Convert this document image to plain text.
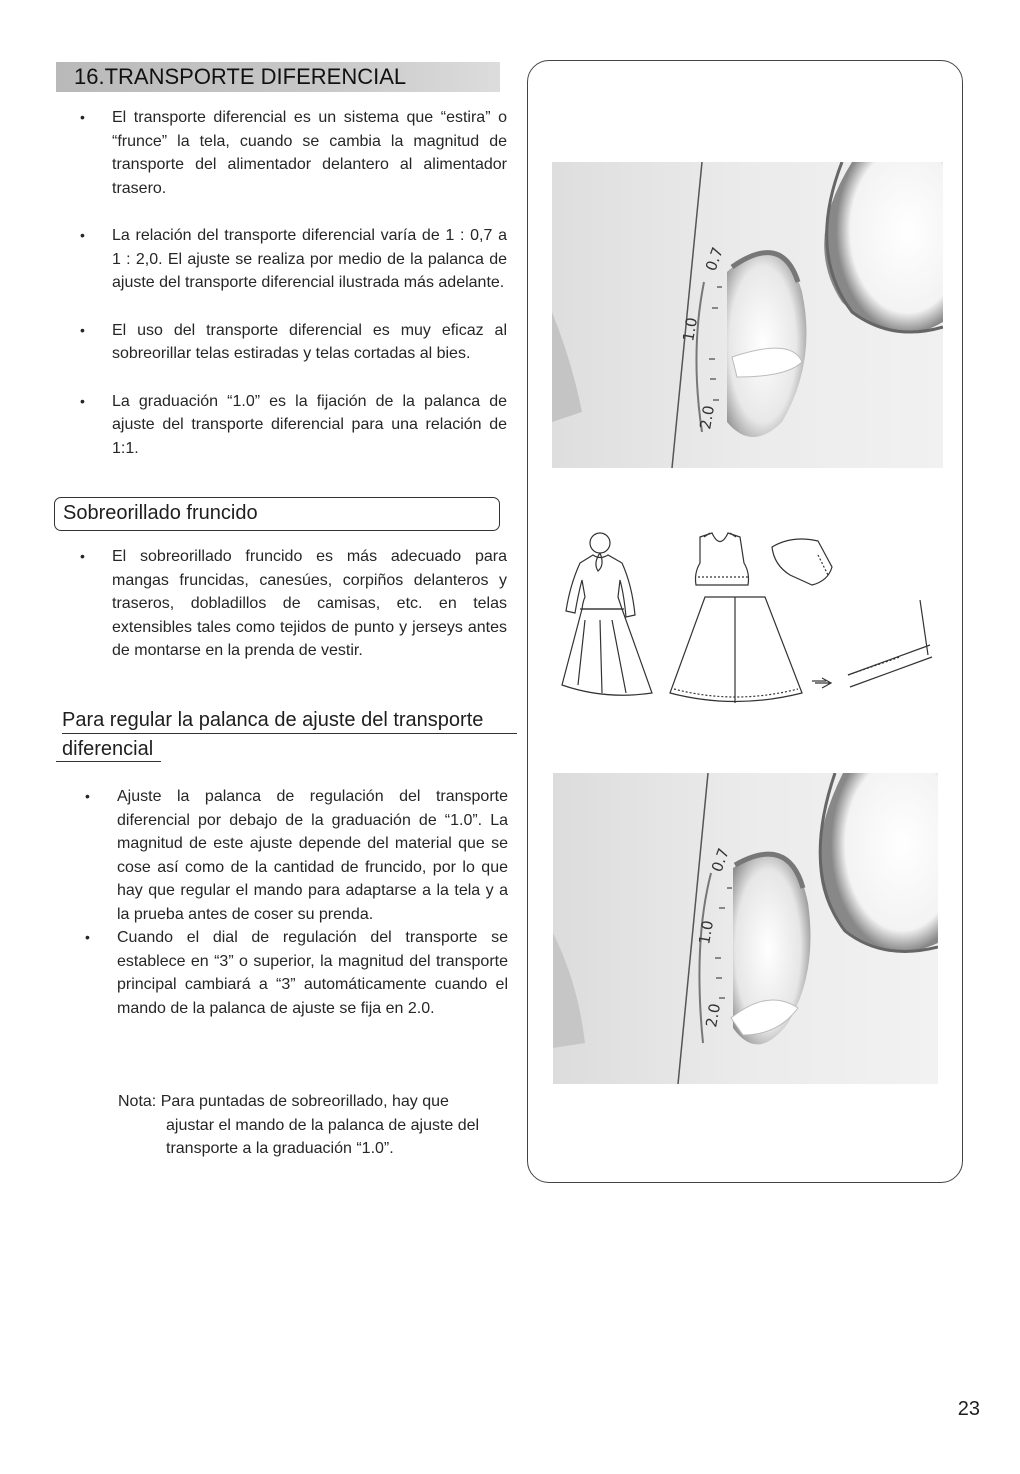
16.TRANSPORTE DIFERENCIAL
• El transporte diferencial es un sistema que “estira” o “frunce” la tela, cuando se cambia la magnitud de transporte del alimentador delantero al alimentador trasero.
• La relación del transporte diferencial varía de 1 : 0,7 a 1 : 2,0. El ajuste se realiza por medio de la palanca de ajuste del transporte diferencial ilustrada más adelante.
• El uso del transporte diferencial es muy eficaz al sobreorillar telas estiradas y telas cortadas al bies.
• La graduación “1.0” es la fijación de la palanca de ajuste del transporte diferencial para una relación de 1:1.
Sobreorillado fruncido
• El sobreorillado fruncido es más adecuado para mangas fruncidas, canesúes, corpiños delanteros y traseros, dobladillos de camisas, etc. en telas extensibles tales como tejidos de punto y jerseys antes de montarse en la prenda de vestir.
Para regular la palanca de ajuste del transporte
diferencial
• Ajuste la palanca de regulación del transporte diferencial por debajo de la graduación de “1.0”. La magnitud de este ajuste depende del material que se cose así como de la cantidad de fruncido, por lo que hay que regular el mando para adaptarse a la tela y a la prueba antes de coser su prenda.
• Cuando el dial de regulación del transporte se establece en “3” o superior, la magnitud del transporte principal cambiará a “3” automáticamente cuando el mando de la palanca de ajuste se fija en 2.0.
Nota: Para puntadas de sobreorillado, hay que
ajustar el mando de la palanca de ajuste del transporte a la graduación “1.0”.
0.7
1.0
2.0
0.7
1.0
2.0
23
